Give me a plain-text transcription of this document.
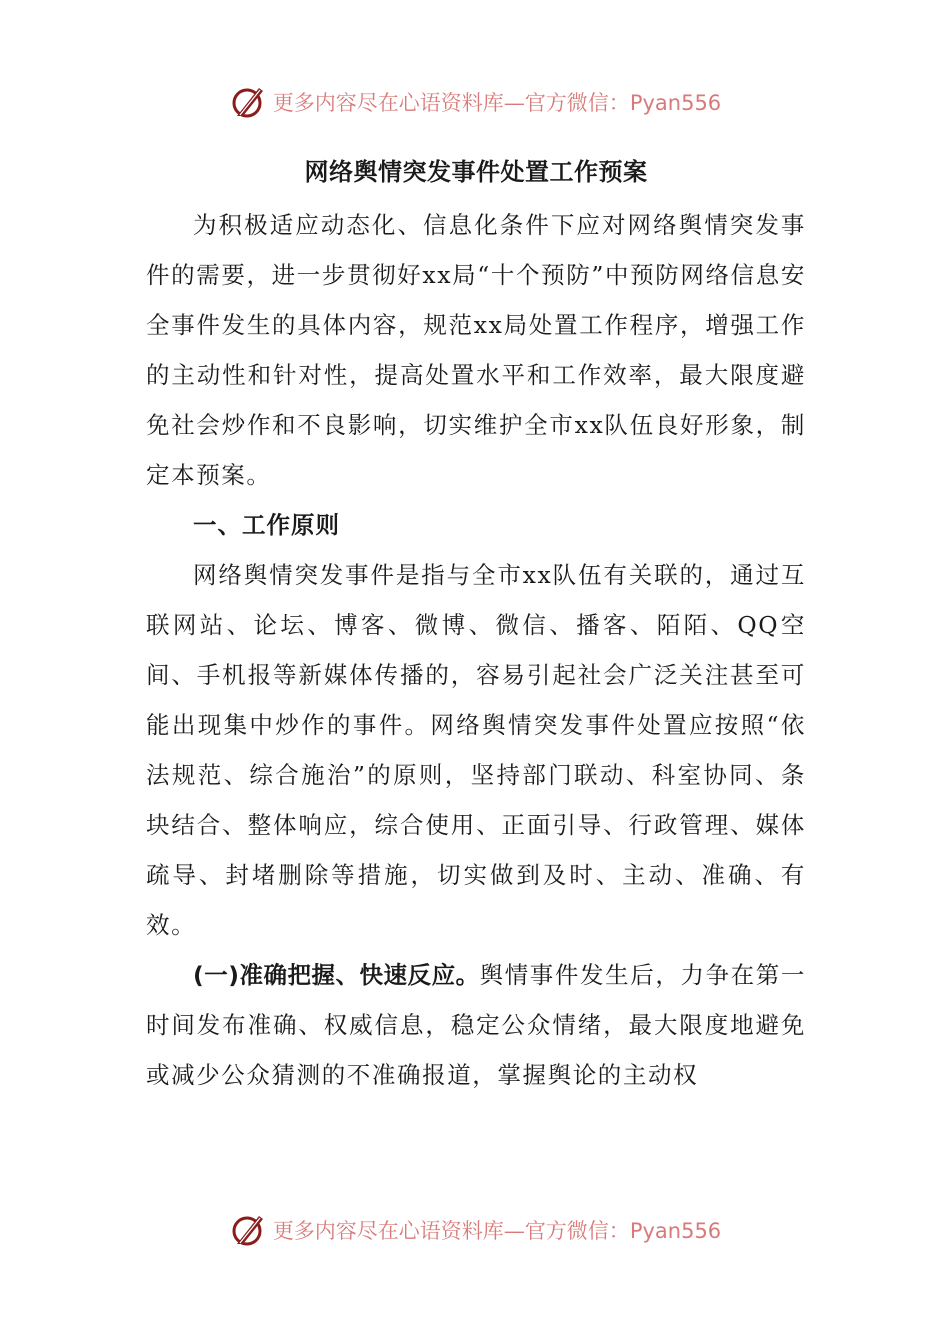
更多内容尽在心语资料库—官方微信：Pyan556
网络舆情突发事件处置工作预案

为积极适应动态化、信息化条件下应对网络舆情突发事件的需要，进一步贯彻好xx局“十个预防”中预防网络信息安全事件发生的具体内容，规范xx局处置工作程序，增强工作的主动性和针对性，提高处置水平和工作效率，最大限度避免社会炒作和不良影响，切实维护全市xx队伍良好形象，制定本预案。

一、工作原则

网络舆情突发事件是指与全市xx队伍有关联的，通过互联网站、论坛、博客、微博、微信、播客、陌陌、QQ空间、手机报等新媒体传播的，容易引起社会广泛关注甚至可能出现集中炒作的事件。网络舆情突发事件处置应按照“依法规范、综合施治”的原则，坚持部门联动、科室协同、条块结合、整体响应，综合使用、正面引导、行政管理、媒体疏导、封堵删除等措施，切实做到及时、主动、准确、有效。

(一)准确把握、快速反应。舆情事件发生后，力争在第一时间发布准确、权威信息，稳定公众情绪，最大限度地避免或减少公众猜测的不准确报道，掌握舆论的主动权

更多内容尽在心语资料库—官方微信：Pyan556
